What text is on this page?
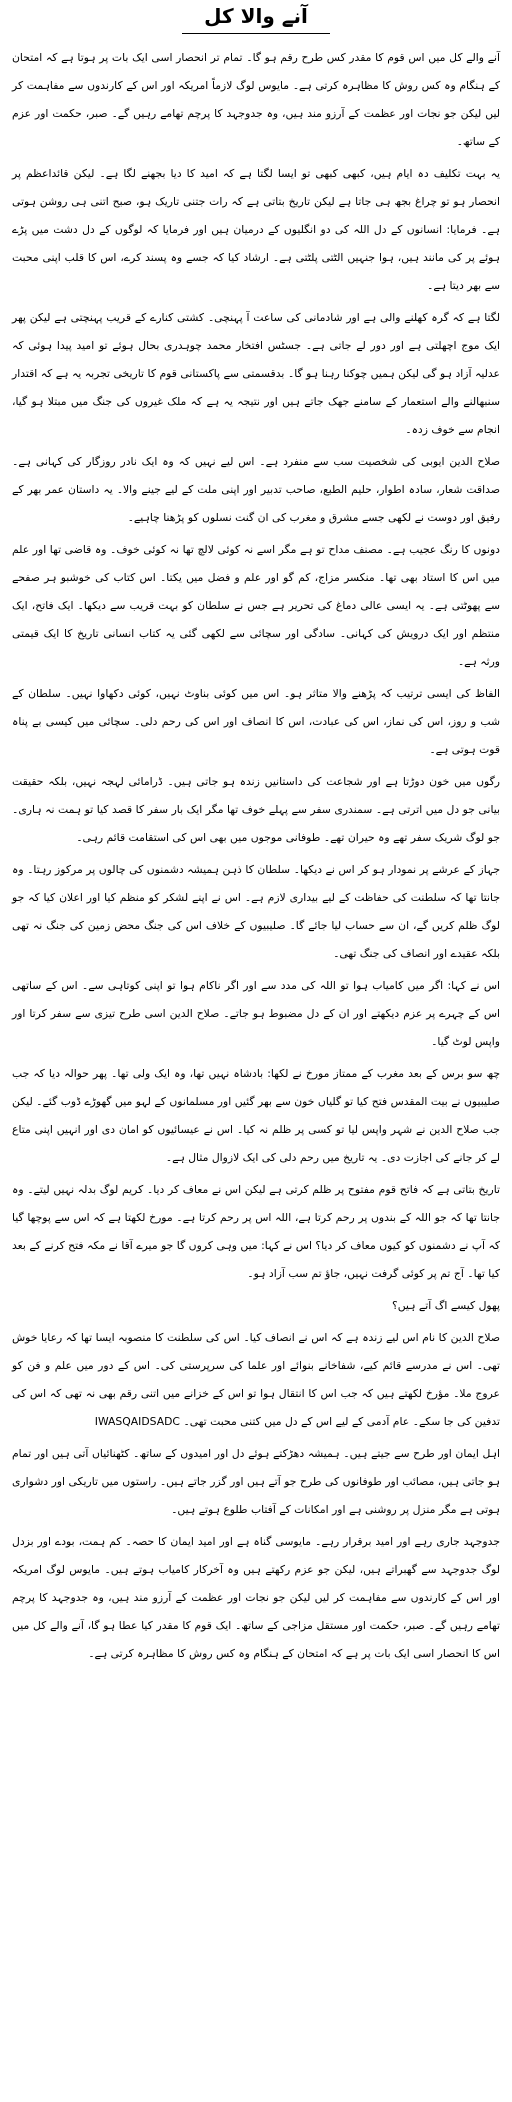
آنے والا کل

آنے والے کل میں اس قوم کا مقدر کس طرح رقم ہو گا۔ تمام تر انحصار اسی ایک بات پر ہوتا ہے کہ امتحان کے ہنگام وہ کس روش کا مظاہرہ کرتی ہے۔ مایوس لوگ لازماً امریکہ اور اس کے کارندوں سے مفاہمت کر لیں لیکن جو نجات اور عظمت کے آرزو مند ہیں، وہ جدوجہد کا پرچم تھامے رہیں گے۔ صبر، حکمت اور عزم کے ساتھ۔

یہ بہت تکلیف دہ ایام ہیں، کبھی کبھی تو ایسا لگتا ہے کہ امید کا دیا بجھنے لگا ہے۔ لیکن قائداعظم پر انحصار ہو تو چراغ بجھ ہی جاتا ہے لیکن تاریخ بتاتی ہے کہ رات جتنی تاریک ہو، صبح اتنی ہی روشن ہوتی ہے۔ فرمایا: انسانوں کے دل اللہ کی دو انگلیوں کے درمیان ہیں اور فرمایا کہ لوگوں کے دل دشت میں پڑے ہوئے پر کی مانند ہیں، ہوا جنہیں الٹتی پلٹتی ہے۔ ارشاد کیا کہ جسے وہ پسند کرے، اس کا قلب اپنی محبت سے بھر دیتا ہے۔

لگتا ہے کہ گرہ کھلنے والی ہے اور شادمانی کی ساعت آ پہنچی۔ کشتی کنارے کے قریب پہنچتی ہے لیکن پھر ایک موج اچھلتی ہے اور دور لے جاتی ہے۔ جسٹس افتخار محمد چوہدری بحال ہوئے تو امید پیدا ہوئی کہ عدلیہ آزاد ہو گی لیکن ہمیں چوکنا رہنا ہو گا۔ بدقسمتی سے پاکستانی قوم کا تاریخی تجربہ یہ ہے کہ اقتدار سنبھالنے والے استعمار کے سامنے جھک جاتے ہیں اور نتیجہ یہ ہے کہ ملک غیروں کی جنگ میں مبتلا ہو گیا، انجام سے خوف زدہ۔

صلاح الدین ایوبی کی شخصیت سب سے منفرد ہے۔ اس لیے نہیں کہ وہ ایک نادر روزگار کی کہانی ہے۔ صداقت شعار، سادہ اطوار، حلیم الطبع، صاحب تدبیر اور اپنی ملت کے لیے جینے والا۔ یہ داستان عمر بھر کے رفیق اور دوست نے لکھی جسے مشرق و مغرب کی ان گنت نسلوں کو پڑھنا چاہیے۔

دونوں کا رنگ عجیب ہے۔ مصنف مداح تو ہے مگر اسے نہ کوئی لالچ تھا نہ کوئی خوف۔ وہ قاضی تھا اور علم میں اس کا استاد بھی تھا۔ منکسر مزاج، کم گو اور علم و فضل میں یکتا۔ اس کتاب کی خوشبو ہر صفحے سے پھوٹتی ہے۔ یہ ایسی عالی دماغ کی تحریر ہے جس نے سلطان کو بہت قریب سے دیکھا۔ ایک فاتح، ایک منتظم اور ایک درویش کی کہانی۔ سادگی اور سچائی سے لکھی گئی یہ کتاب انسانی تاریخ کا ایک قیمتی ورثہ ہے۔

الفاظ کی ایسی ترتیب کہ پڑھنے والا متاثر ہو۔ اس میں کوئی بناوٹ نہیں، کوئی دکھاوا نہیں۔ سلطان کے شب و روز، اس کی نماز، اس کی عبادت، اس کا انصاف اور اس کی رحم دلی۔ سچائی میں کیسی بے پناہ قوت ہوتی ہے۔

رگوں میں خون دوڑتا ہے اور شجاعت کی داستانیں زندہ ہو جاتی ہیں۔ ڈرامائی لہجہ نہیں، بلکہ حقیقت بیانی جو دل میں اترتی ہے۔ سمندری سفر سے پہلے خوف تھا مگر ایک بار سفر کا قصد کیا تو ہمت نہ ہاری۔ جو لوگ شریک سفر تھے وہ حیران تھے۔ طوفانی موجوں میں بھی اس کی استقامت قائم رہی۔

جہاز کے عرشے پر نمودار ہو کر اس نے دیکھا۔ سلطان کا ذہن ہمیشہ دشمنوں کی چالوں پر مرکوز رہتا۔ وہ جانتا تھا کہ سلطنت کی حفاظت کے لیے بیداری لازم ہے۔ اس نے اپنے لشکر کو منظم کیا اور اعلان کیا کہ جو لوگ ظلم کریں گے، ان سے حساب لیا جائے گا۔ صلیبیوں کے خلاف اس کی جنگ محض زمین کی جنگ نہ تھی بلکہ عقیدے اور انصاف کی جنگ تھی۔

اس نے کہا: اگر میں کامیاب ہوا تو اللہ کی مدد سے اور اگر ناکام ہوا تو اپنی کوتاہی سے۔ اس کے ساتھی اس کے چہرے پر عزم دیکھتے اور ان کے دل مضبوط ہو جاتے۔ صلاح الدین اسی طرح تیزی سے سفر کرتا اور واپس لوٹ گیا۔

چھ سو برس کے بعد مغرب کے ممتاز مورخ نے لکھا: بادشاہ نہیں تھا، وہ ایک ولی تھا۔ پھر حوالہ دیا کہ جب صلیبیوں نے بیت المقدس فتح کیا تو گلیاں خون سے بھر گئیں اور مسلمانوں کے لہو میں گھوڑے ڈوب گئے۔ لیکن جب صلاح الدین نے شہر واپس لیا تو کسی پر ظلم نہ کیا۔ اس نے عیسائیوں کو امان دی اور انہیں اپنی متاع لے کر جانے کی اجازت دی۔ یہ تاریخ میں رحم دلی کی ایک لازوال مثال ہے۔

تاریخ بتاتی ہے کہ فاتح قوم مفتوح پر ظلم کرتی ہے لیکن اس نے معاف کر دیا۔ کریم لوگ بدلہ نہیں لیتے۔ وہ جانتا تھا کہ جو اللہ کے بندوں پر رحم کرتا ہے، اللہ اس پر رحم کرتا ہے۔ مورخ لکھتا ہے کہ اس سے پوچھا گیا کہ آپ نے دشمنوں کو کیوں معاف کر دیا؟ اس نے کہا: میں وہی کروں گا جو میرے آقا نے مکہ فتح کرنے کے بعد کیا تھا۔ آج تم پر کوئی گرفت نہیں، جاؤ تم سب آزاد ہو۔

پھول کیسے اگ آتے ہیں؟

صلاح الدین کا نام اس لیے زندہ ہے کہ اس نے انصاف کیا۔ اس کی سلطنت کا منصوبہ ایسا تھا کہ رعایا خوش تھی۔ اس نے مدرسے قائم کیے، شفاخانے بنوائے اور علما کی سرپرستی کی۔ اس کے دور میں علم و فن کو عروج ملا۔ مؤرخ لکھتے ہیں کہ جب اس کا انتقال ہوا تو اس کے خزانے میں اتنی رقم بھی نہ تھی کہ اس کی تدفین کی جا سکے۔ عام آدمی کے لیے اس کے دل میں کتنی محبت تھی۔ IWASQAIDSADC

اہل ایمان اور طرح سے جیتے ہیں۔ ہمیشہ دھڑکتے ہوئے دل اور امیدوں کے ساتھ۔ کٹھنائیاں آتی ہیں اور تمام ہو جاتی ہیں، مصائب اور طوفانوں کی طرح جو آتے ہیں اور گزر جاتے ہیں۔ راستوں میں تاریکی اور دشواری ہوتی ہے مگر منزل پر روشنی ہے اور امکانات کے آفتاب طلوع ہوتے ہیں۔

جدوجہد جاری رہے اور امید برقرار رہے۔ مایوسی گناہ ہے اور امید ایمان کا حصہ۔ کم ہمت، بودے اور بزدل لوگ جدوجہد سے گھبراتے ہیں، لیکن جو عزم رکھتے ہیں وہ آخرکار کامیاب ہوتے ہیں۔ مایوس لوگ امریکہ اور اس کے کارندوں سے مفاہمت کر لیں لیکن جو نجات اور عظمت کے آرزو مند ہیں، وہ جدوجہد کا پرچم تھامے رہیں گے۔ صبر، حکمت اور مستقل مزاجی کے ساتھ۔ ایک قوم کا مقدر کیا عطا ہو گا، آنے والے کل میں اس کا انحصار اسی ایک بات پر ہے کہ امتحان کے ہنگام وہ کس روش کا مظاہرہ کرتی ہے۔
